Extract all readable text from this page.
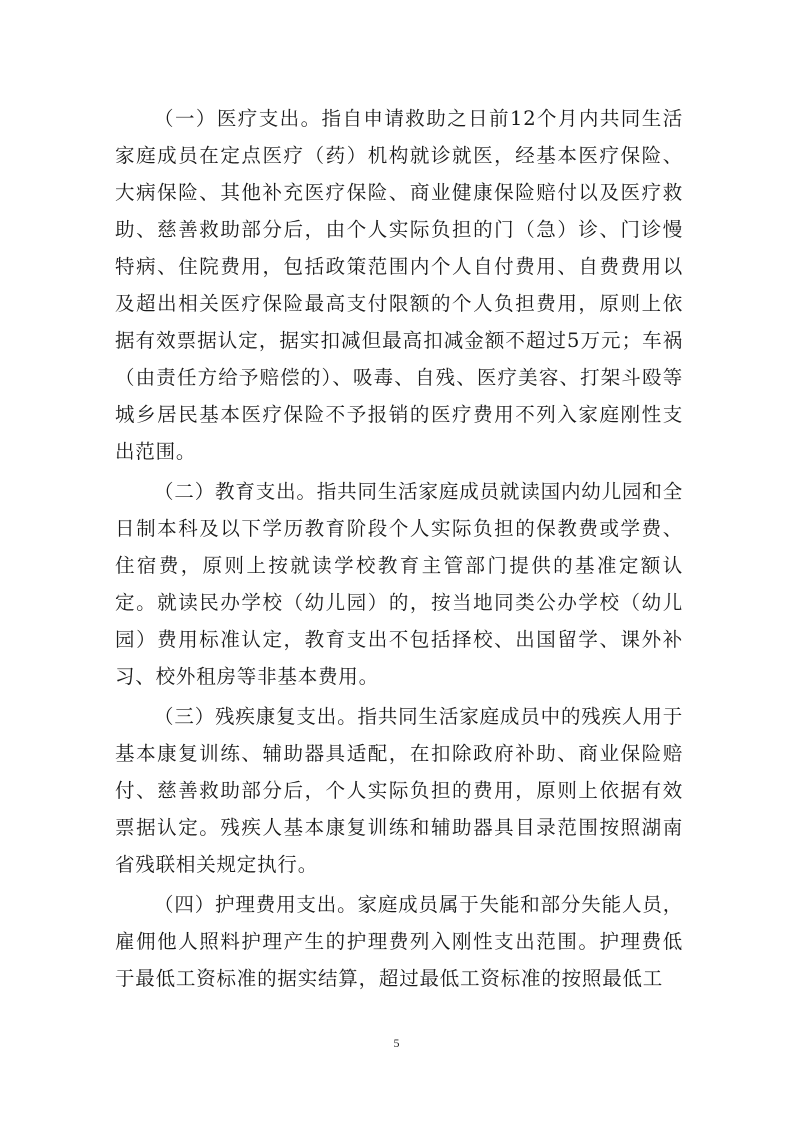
（一）医疗支出。指自申请救助之日前12个月内共同生活家庭成员在定点医疗（药）机构就诊就医，经基本医疗保险、大病保险、其他补充医疗保险、商业健康保险赔付以及医疗救助、慈善救助部分后，由个人实际负担的门（急）诊、门诊慢特病、住院费用，包括政策范围内个人自付费用、自费费用以及超出相关医疗保险最高支付限额的个人负担费用，原则上依据有效票据认定，据实扣减但最高扣减金额不超过5万元；车祸（由责任方给予赔偿的）、吸毒、自残、医疗美容、打架斗殴等城乡居民基本医疗保险不予报销的医疗费用不列入家庭刚性支出范围。

（二）教育支出。指共同生活家庭成员就读国内幼儿园和全日制本科及以下学历教育阶段个人实际负担的保教费或学费、住宿费，原则上按就读学校教育主管部门提供的基准定额认定。就读民办学校（幼儿园）的，按当地同类公办学校（幼儿园）费用标准认定，教育支出不包括择校、出国留学、课外补习、校外租房等非基本费用。

（三）残疾康复支出。指共同生活家庭成员中的残疾人用于基本康复训练、辅助器具适配，在扣除政府补助、商业保险赔付、慈善救助部分后，个人实际负担的费用，原则上依据有效票据认定。残疾人基本康复训练和辅助器具目录范围按照湖南省残联相关规定执行。

（四）护理费用支出。家庭成员属于失能和部分失能人员，雇佣他人照料护理产生的护理费列入刚性支出范围。护理费低于最低工资标准的据实结算，超过最低工资标准的按照最低工

5
